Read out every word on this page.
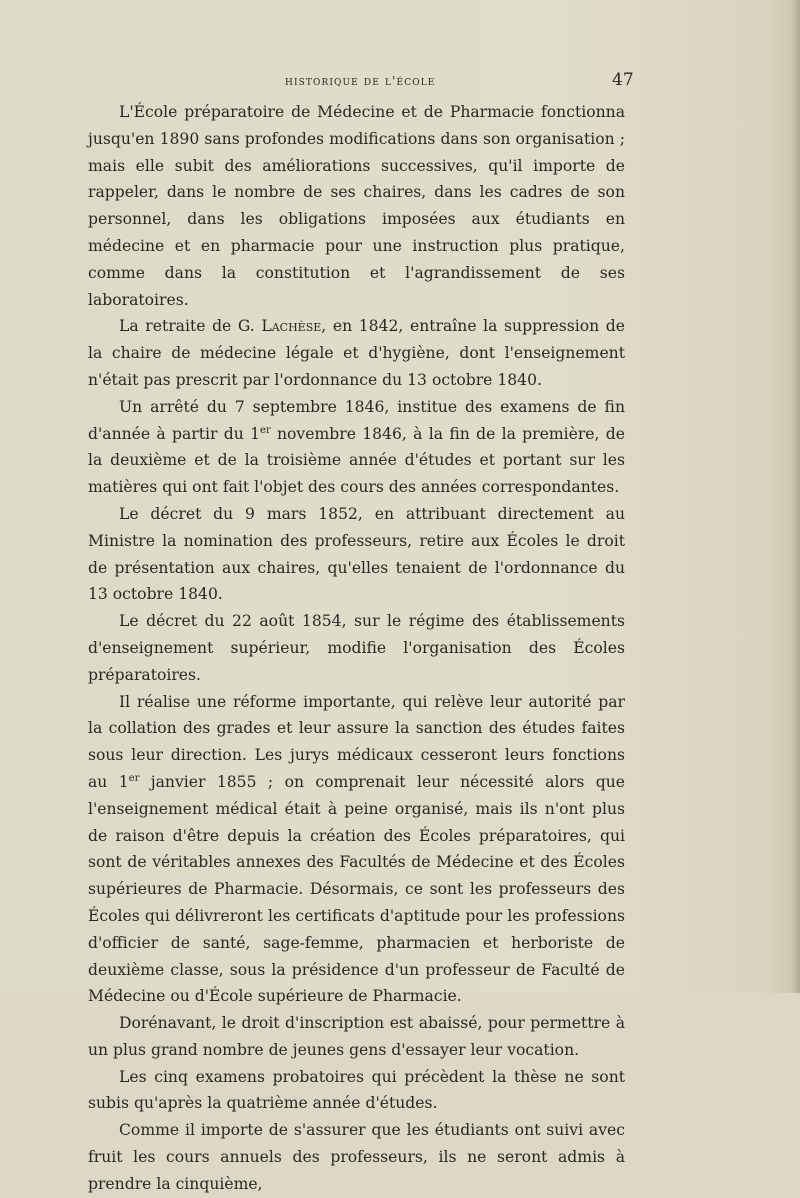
historique de l'école	47

L'École préparatoire de Médecine et de Pharmacie fonctionna jusqu'en 1890 sans profondes modifications dans son organisation ; mais elle subit des améliorations successives, qu'il importe de rappeler, dans le nombre de ses chaires, dans les cadres de son personnel, dans les obligations imposées aux étudiants en médecine et en pharmacie pour une instruction plus pratique, comme dans la constitution et l'agrandissement de ses laboratoires.

La retraite de G. Lachèse, en 1842, entraîne la suppression de la chaire de médecine légale et d'hygiène, dont l'enseignement n'était pas prescrit par l'ordonnance du 13 octobre 1840.

Un arrêté du 7 septembre 1846, institue des examens de fin d'année à partir du 1er novembre 1846, à la fin de la première, de la deuxième et de la troisième année d'études et portant sur les matières qui ont fait l'objet des cours des années correspondantes.

Le décret du 9 mars 1852, en attribuant directement au Ministre la nomination des professeurs, retire aux Écoles le droit de présentation aux chaires, qu'elles tenaient de l'ordonnance du 13 octobre 1840.

Le décret du 22 août 1854, sur le régime des établissements d'enseignement supérieur, modifie l'organisation des Écoles préparatoires.

Il réalise une réforme importante, qui relève leur autorité par la collation des grades et leur assure la sanction des études faites sous leur direction. Les jurys médicaux cesseront leurs fonctions au 1er janvier 1855 ; on comprenait leur nécessité alors que l'enseignement médical était à peine organisé, mais ils n'ont plus de raison d'être depuis la création des Écoles préparatoires, qui sont de véritables annexes des Facultés de Médecine et des Écoles supérieures de Pharmacie. Désormais, ce sont les professeurs des Écoles qui délivreront les certificats d'aptitude pour les professions d'officier de santé, sage-femme, pharmacien et herboriste de deuxième classe, sous la présidence d'un professeur de Faculté de Médecine ou d'École supérieure de Pharmacie.

Dorénavant, le droit d'inscription est abaissé, pour permettre à un plus grand nombre de jeunes gens d'essayer leur vocation.

Les cinq examens probatoires qui précèdent la thèse ne sont subis qu'après la quatrième année d'études.

Comme il importe de s'assurer que les étudiants ont suivi avec fruit les cours annuels des professeurs, ils ne seront admis à prendre la cinquième,
